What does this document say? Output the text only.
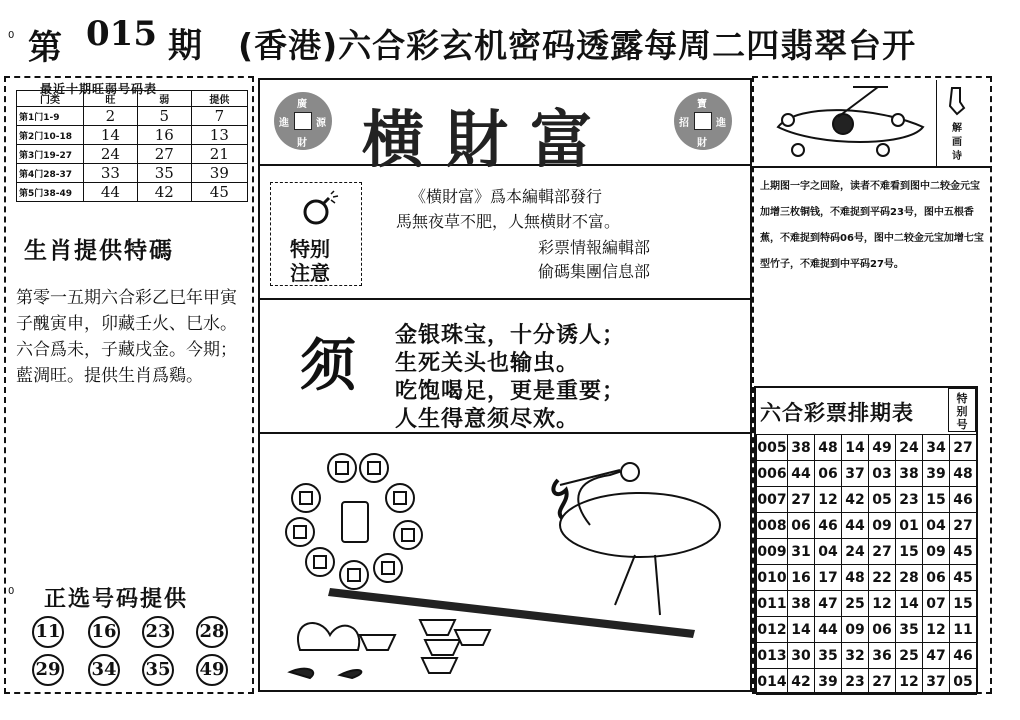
0
0
第 015 期 (香港)六合彩玄机密码透露每周二四翡翠台开
最近十期旺弱号码表
门类	旺	弱	提供
第1门1-9	2	5	7
第2门10-18	14	16	13
第3门19-27	24	27	21
第4门28-37	33	35	39
第5门38-49	44	42	45
生肖提供特碼
第零一五期六合彩乙巳年甲寅子醜寅申，卯藏壬火、巳水。六合爲未，子藏戌金。今期；藍淍旺。提供生肖爲鷄。
正选号码提供
11 16 23 28
29 34 35 49
廣
進	源
財 横財富	寶
招	進
財
特别注意
《横財富》爲本編輯部發行
馬無夜草不肥，人無横財不富。
彩票情報編輯部
偷碼集團信息部
须 金银珠宝，十分诱人；
生死关头也输虫。
吃饱喝足，更是重要；
人生得意须尽欢。
解画诗
上期图一字之回险，读者不难看到图中二较金元宝加增三枚铜钱，不难捉到平码23号，图中五根香蕉，不难捉到特码06号，图中二较金元宝加增七宝型竹子，不难捉到中平码27号。
六合彩票排期表
特别号
005	38	48	14	49	24	34	27
006	44	06	37	03	38	39	48
007	27	12	42	05	23	15	46
008	06	46	44	09	01	04	27
009	31	04	24	27	15	09	45
010	16	17	48	22	28	06	45
011	38	47	25	12	14	07	15
012	14	44	09	06	35	12	11
013	30	35	32	36	25	47	46
014	42	39	23	27	12	37	05
